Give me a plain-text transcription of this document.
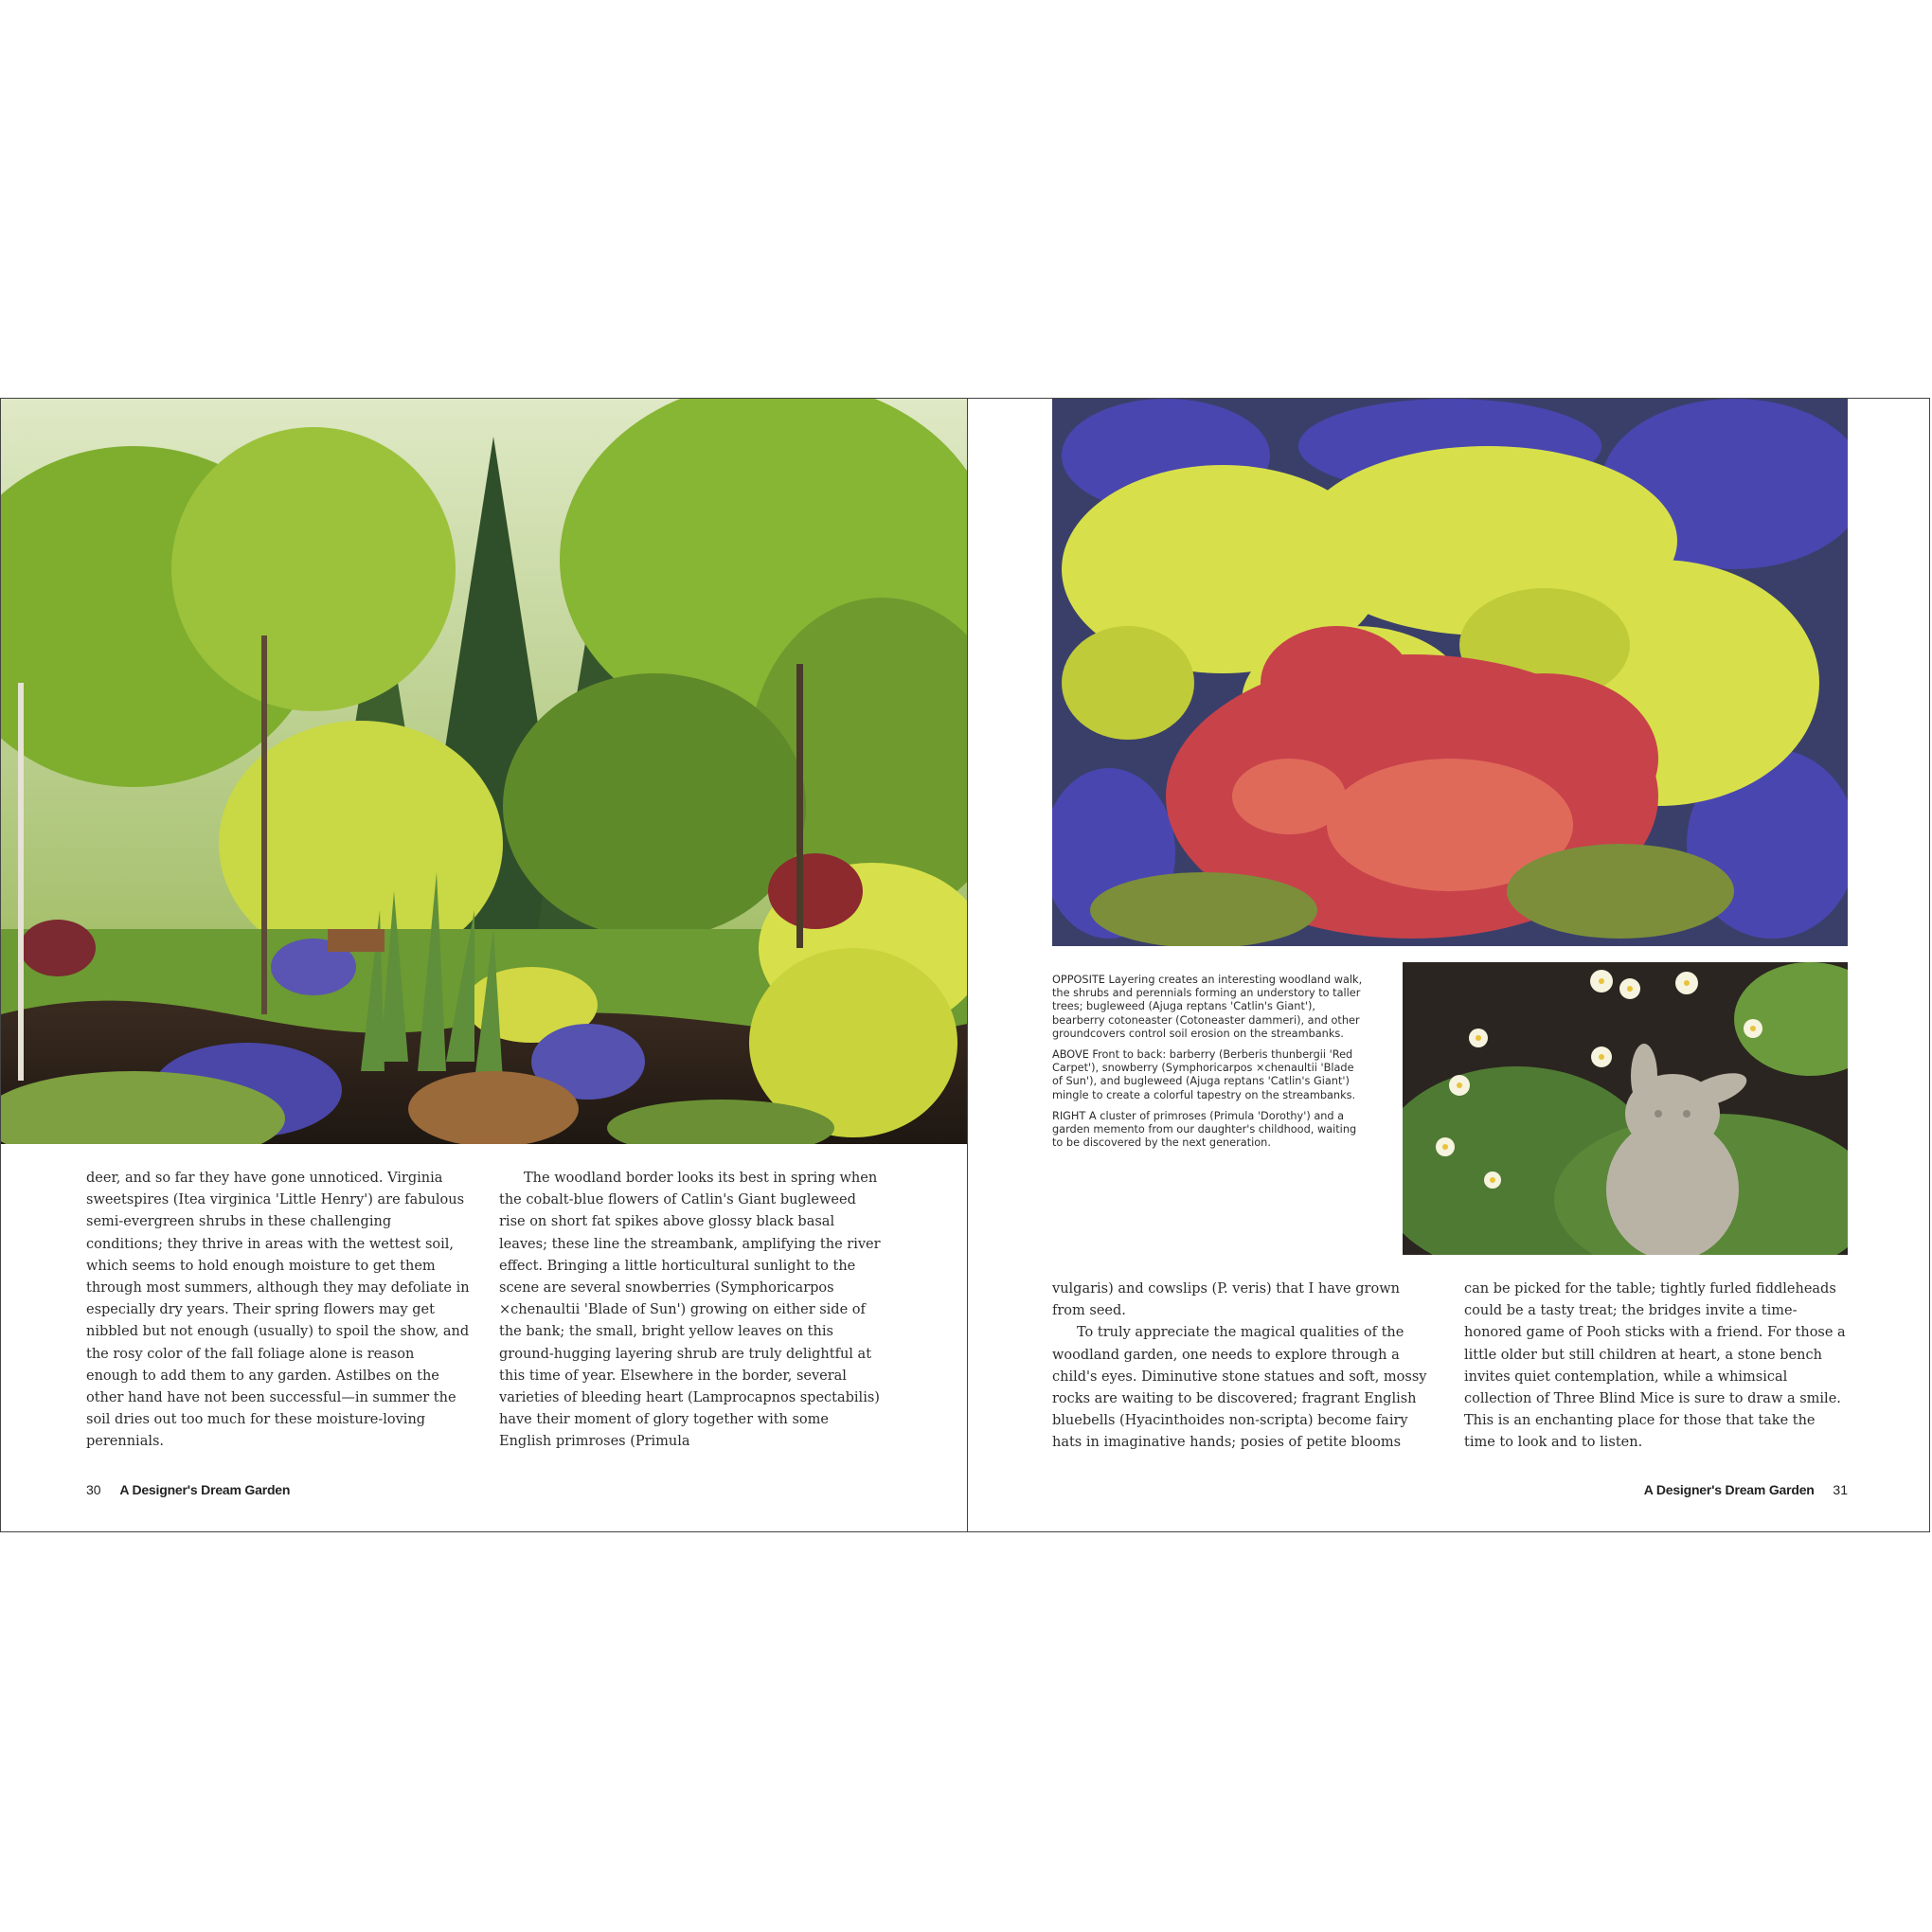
deer, and so far they have gone unnoticed. Virginia sweetspires (Itea virginica 'Little Henry') are fabulous semi-evergreen shrubs in these challenging conditions; they thrive in areas with the wettest soil, which seems to hold enough moisture to get them through most summers, although they may defoliate in especially dry years. Their spring flowers may get nibbled but not enough (usually) to spoil the show, and the rosy color of the fall foliage alone is reason enough to add them to any garden. Astilbes on the other hand have not been successful—in summer the soil dries out too much for these moisture-loving perennials.

The woodland border looks its best in spring when the cobalt-blue flowers of Catlin's Giant bugleweed rise on short fat spikes above glossy black basal leaves; these line the streambank, amplifying the river effect. Bringing a little horticultural sunlight to the scene are several snowberries (Symphoricarpos ×chenaultii 'Blade of Sun') growing on either side of the bank; the small, bright yellow leaves on this ground-hugging layering shrub are truly delightful at this time of year. Elsewhere in the border, several varieties of bleeding heart (Lamprocapnos spectabilis) have their moment of glory together with some English primroses (Primula

30 A Designer's Dream Garden

OPPOSITE Layering creates an interesting woodland walk, the shrubs and perennials forming an understory to taller trees; bugleweed (Ajuga reptans 'Catlin's Giant'), bearberry cotoneaster (Cotoneaster dammeri), and other groundcovers control soil erosion on the streambanks.

ABOVE Front to back: barberry (Berberis thunbergii 'Red Carpet'), snowberry (Symphoricarpos ×chenaultii 'Blade of Sun'), and bugleweed (Ajuga reptans 'Catlin's Giant') mingle to create a colorful tapestry on the streambanks.

RIGHT A cluster of primroses (Primula 'Dorothy') and a garden memento from our daughter's childhood, waiting to be discovered by the next generation.

vulgaris) and cowslips (P. veris) that I have grown from seed.

To truly appreciate the magical qualities of the woodland garden, one needs to explore through a child's eyes. Diminutive stone statues and soft, mossy rocks are waiting to be discovered; fragrant English bluebells (Hyacinthoides non-scripta) become fairy hats in imaginative hands; posies of petite blooms

can be picked for the table; tightly furled fiddleheads could be a tasty treat; the bridges invite a time-honored game of Pooh sticks with a friend. For those a little older but still children at heart, a stone bench invites quiet contemplation, while a whimsical collection of Three Blind Mice is sure to draw a smile. This is an enchanting place for those that take the time to look and to listen.

A Designer's Dream Garden 31
